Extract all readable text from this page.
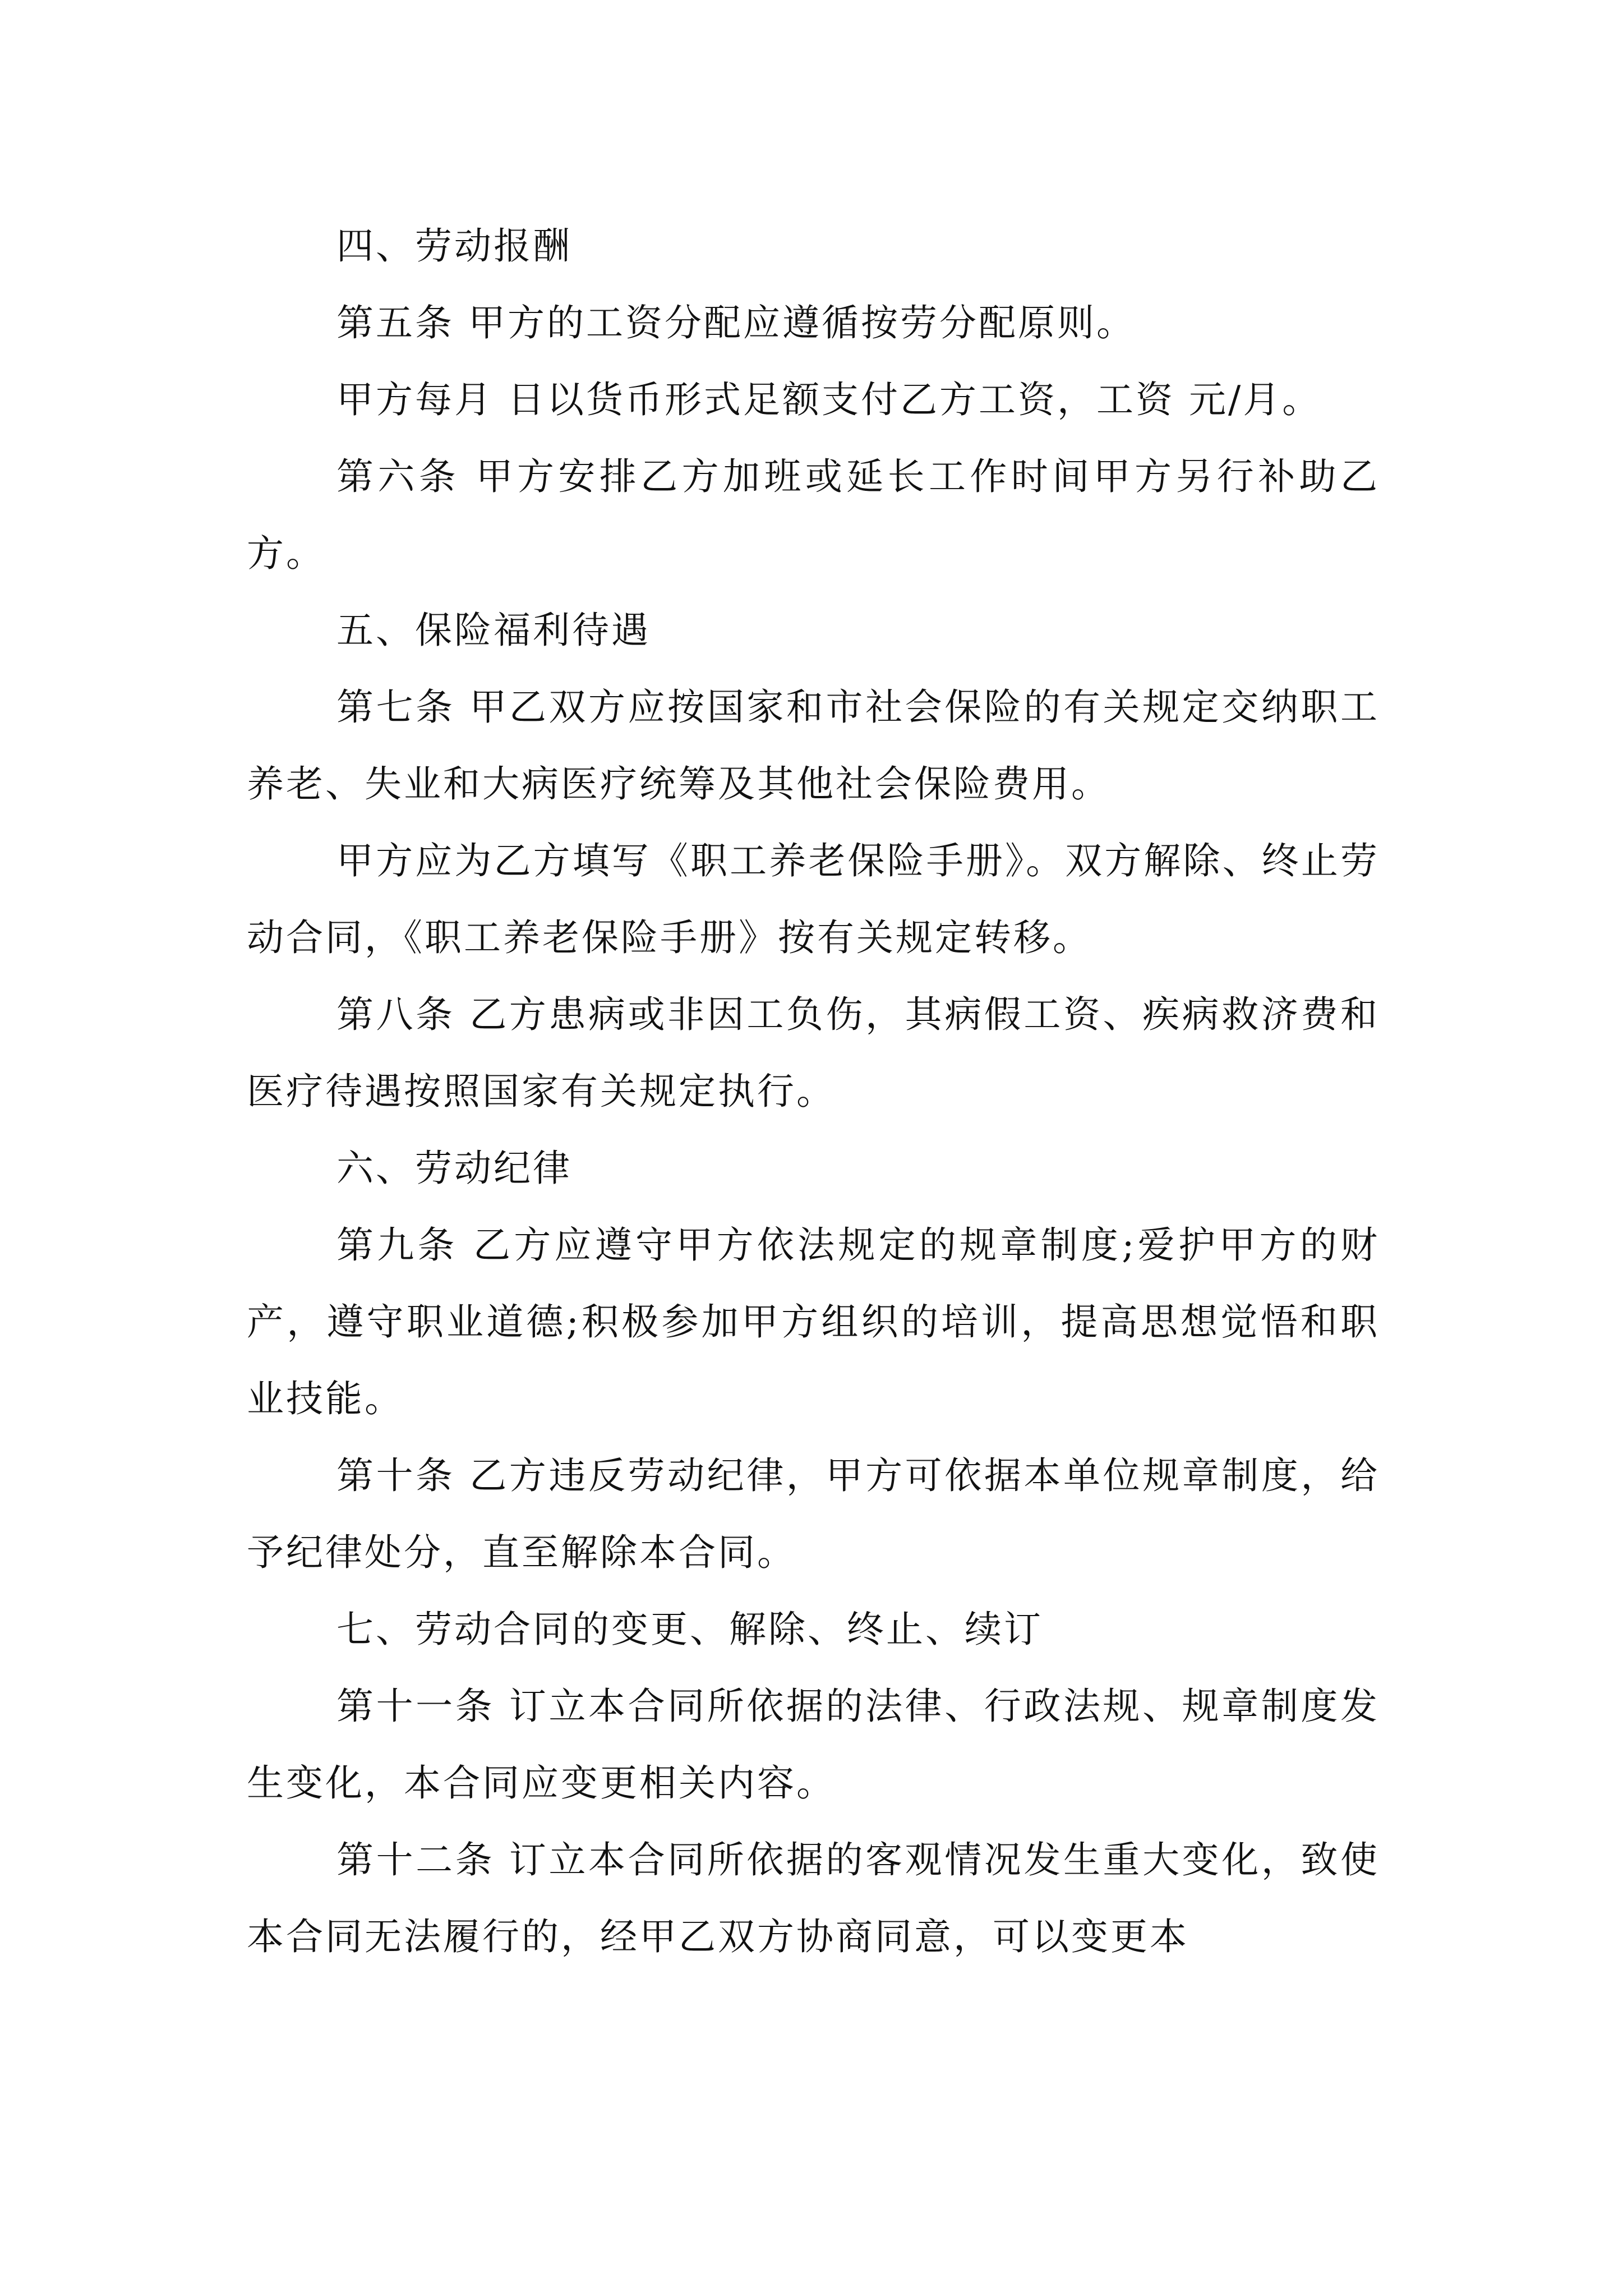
四、劳动报酬

第五条 甲方的工资分配应遵循按劳分配原则。

甲方每月 日以货币形式足额支付乙方工资，工资 元/月。

第六条 甲方安排乙方加班或延长工作时间甲方另行补助乙方。

五、保险福利待遇

第七条 甲乙双方应按国家和市社会保险的有关规定交纳职工养老、失业和大病医疗统筹及其他社会保险费用。

甲方应为乙方填写《职工养老保险手册》。双方解除、终止劳动合同，《职工养老保险手册》按有关规定转移。

第八条 乙方患病或非因工负伤，其病假工资、疾病救济费和医疗待遇按照国家有关规定执行。

六、劳动纪律

第九条 乙方应遵守甲方依法规定的规章制度;爱护甲方的财产，遵守职业道德;积极参加甲方组织的培训，提高思想觉悟和职业技能。

第十条 乙方违反劳动纪律，甲方可依据本单位规章制度，给予纪律处分，直至解除本合同。

七、劳动合同的变更、解除、终止、续订

第十一条 订立本合同所依据的法律、行政法规、规章制度发生变化，本合同应变更相关内容。

第十二条 订立本合同所依据的客观情况发生重大变化，致使本合同无法履行的，经甲乙双方协商同意，可以变更本
